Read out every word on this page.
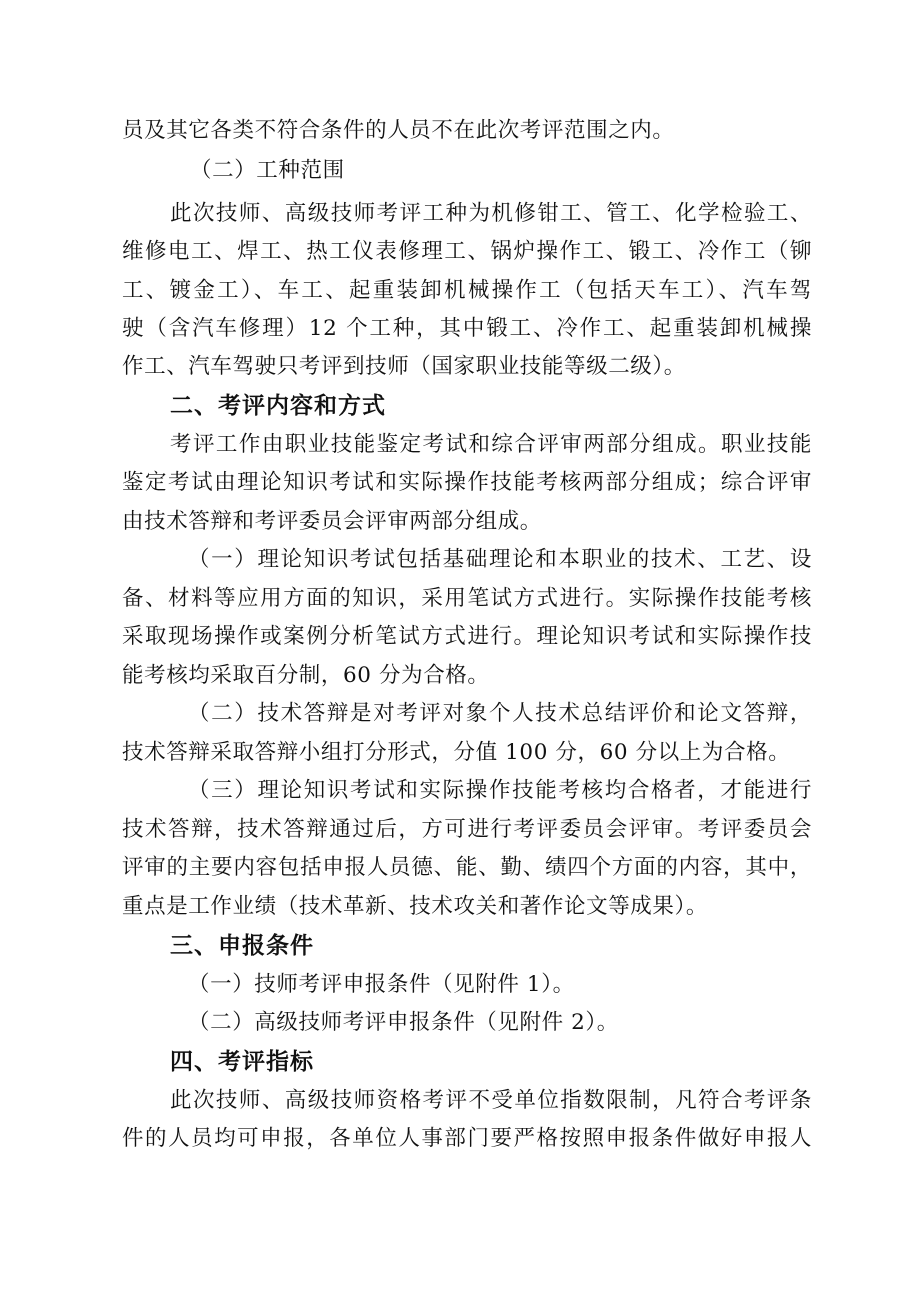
员及其它各类不符合条件的人员不在此次考评范围之内。
（二）工种范围
此次技师、高级技师考评工种为机修钳工、管工、化学检验工、
维修电工、焊工、热工仪表修理工、锅炉操作工、锻工、冷作工（铆
工、镀金工）、车工、起重装卸机械操作工（包括天车工）、汽车驾
驶（含汽车修理）12 个工种，其中锻工、冷作工、起重装卸机械操
作工、汽车驾驶只考评到技师（国家职业技能等级二级）。
二、考评内容和方式
考评工作由职业技能鉴定考试和综合评审两部分组成。职业技能
鉴定考试由理论知识考试和实际操作技能考核两部分组成；综合评审
由技术答辩和考评委员会评审两部分组成。
（一）理论知识考试包括基础理论和本职业的技术、工艺、设
备、材料等应用方面的知识，采用笔试方式进行。实际操作技能考核
采取现场操作或案例分析笔试方式进行。理论知识考试和实际操作技
能考核均采取百分制，60 分为合格。
（二）技术答辩是对考评对象个人技术总结评价和论文答辩，
技术答辩采取答辩小组打分形式，分值 100 分，60 分以上为合格。
（三）理论知识考试和实际操作技能考核均合格者，才能进行
技术答辩，技术答辩通过后，方可进行考评委员会评审。考评委员会
评审的主要内容包括申报人员德、能、勤、绩四个方面的内容，其中，
重点是工作业绩（技术革新、技术攻关和著作论文等成果）。
三、申报条件
（一）技师考评申报条件（见附件 1）。
（二）高级技师考评申报条件（见附件 2）。
四、考评指标
此次技师、高级技师资格考评不受单位指数限制，凡符合考评条
件的人员均可申报，各单位人事部门要严格按照申报条件做好申报人
